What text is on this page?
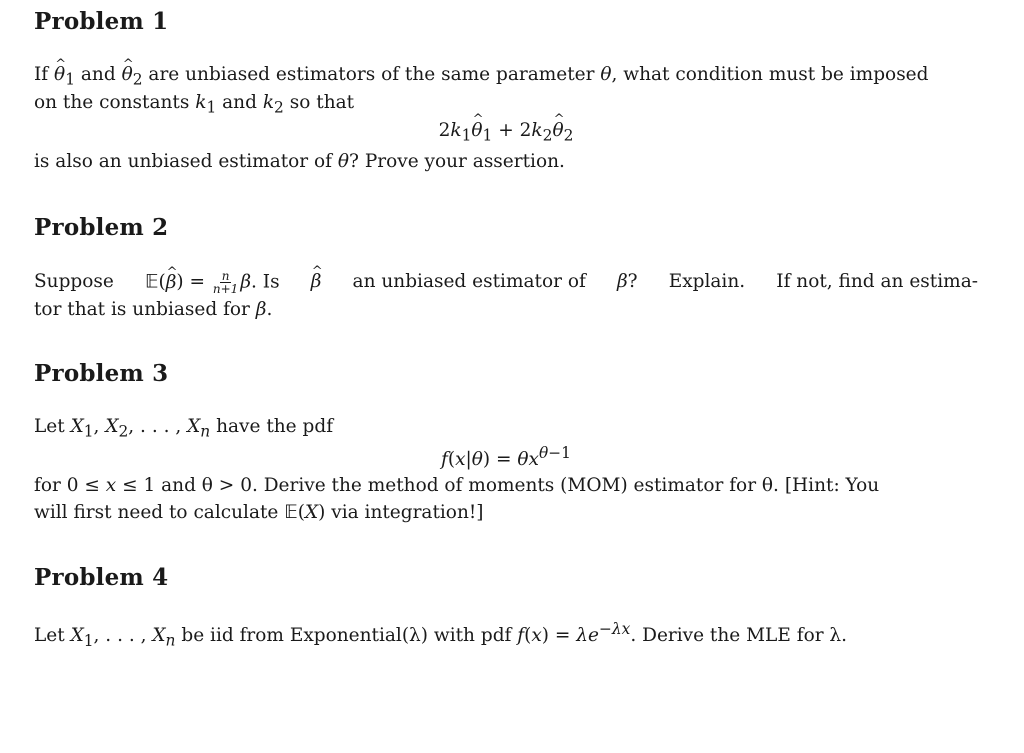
Problem 1
If ^ $\theta_1$ and ^ $\theta_2$ are unbiased estimators of the same parameter θ, what condition must be imposed
on the constants $k_1$ and $k_2$ so that
$2k_1\^{}$ $\theta_1$ + $2k_2\^{}$ $\theta_2$
is also an unbiased estimator of θ? Prove your assertion.
Problem 2
Suppose 𝔼(^ $\beta) = \frac{n}{n+1} \beta$. Is ^ β an unbiased estimator of β? Explain. If not, find an estima-
tor that is unbiased for β.
Problem 3
Let $X_1$, $X_2$, . . . , $X_n$ have the pdf
$f(x|\theta) = \theta x^{\theta-1}$
for 0 ≤ x ≤ 1 and θ > 0. Derive the method of moments (MOM) estimator for θ. [Hint: You
will first need to calculate 𝔼(X) via integration!]
Problem 4
Let $X_1$, . . . , $X_n$ be iid from Exponential(λ) with pdf $f(x) = \lambda e^{-\lambda x}$. Derive the MLE for λ.
